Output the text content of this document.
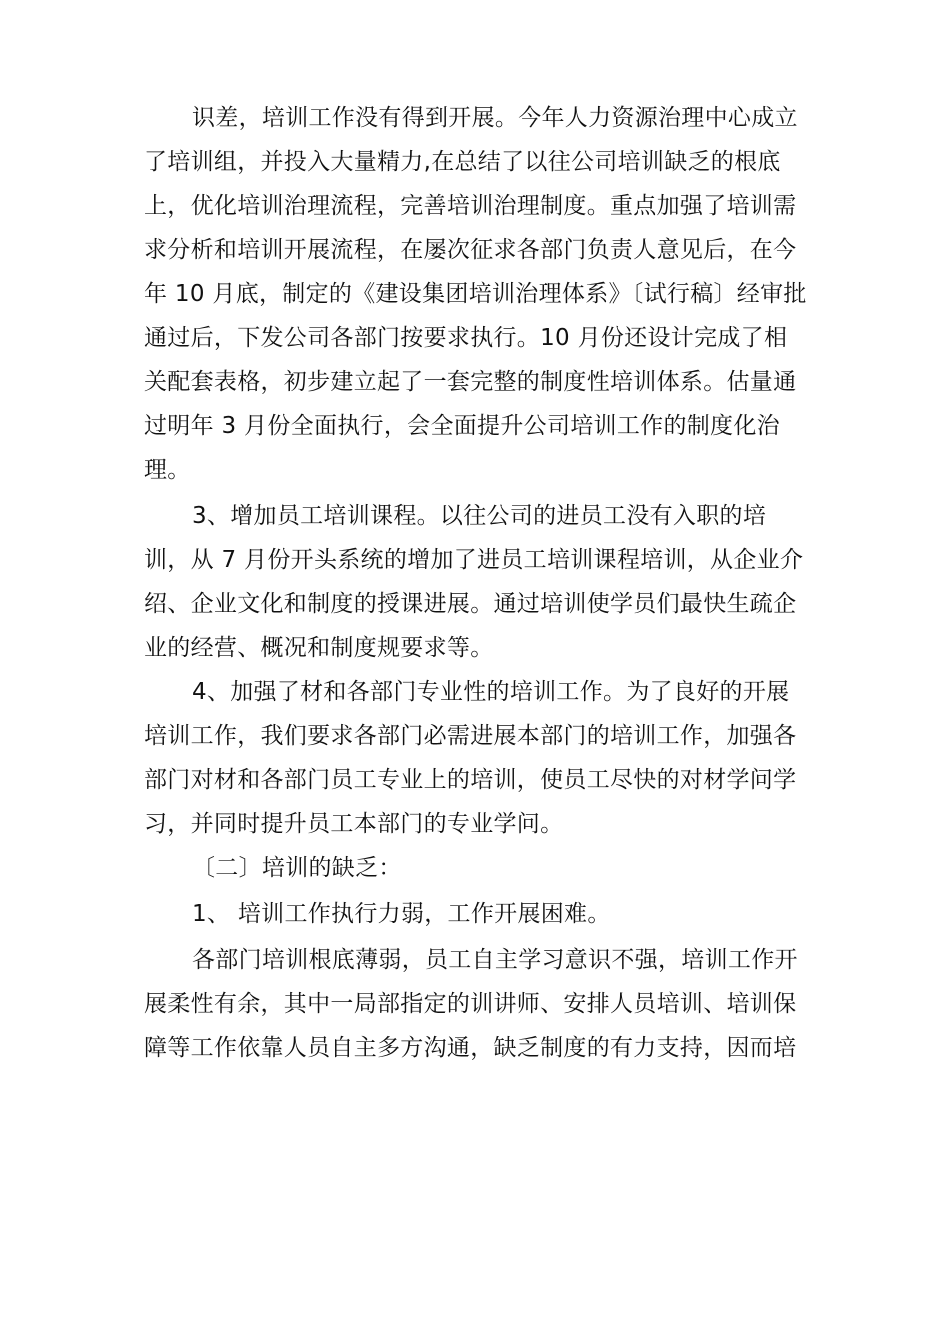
识差，培训工作没有得到开展。今年人力资源治理中心成立
了培训组，并投入大量精力,在总结了以往公司培训缺乏的根底
上，优化培训治理流程，完善培训治理制度。重点加强了培训需
求分析和培训开展流程，在屡次征求各部门负责人意见后，在今
年 10 月底，制定的《建设集团培训治理体系》〔试行稿〕经审批
通过后，下发公司各部门按要求执行。10 月份还设计完成了相
关配套表格，初步建立起了一套完整的制度性培训体系。估量通
过明年 3 月份全面执行，会全面提升公司培训工作的制度化治
理。
3、增加员工培训课程。以往公司的进员工没有入职的培
训，从 7 月份开头系统的增加了进员工培训课程培训，从企业介
绍、企业文化和制度的授课进展。通过培训使学员们最快生疏企
业的经营、概况和制度规要求等。
4、加强了材和各部门专业性的培训工作。为了良好的开展
培训工作，我们要求各部门必需进展本部门的培训工作，加强各
部门对材和各部门员工专业上的培训，使员工尽快的对材学问学
习，并同时提升员工本部门的专业学问。
〔二〕培训的缺乏：
1、 培训工作执行力弱，工作开展困难。
各部门培训根底薄弱，员工自主学习意识不强，培训工作开
展柔性有余，其中一局部指定的训讲师、安排人员培训、培训保
障等工作依靠人员自主多方沟通，缺乏制度的有力支持，因而培
